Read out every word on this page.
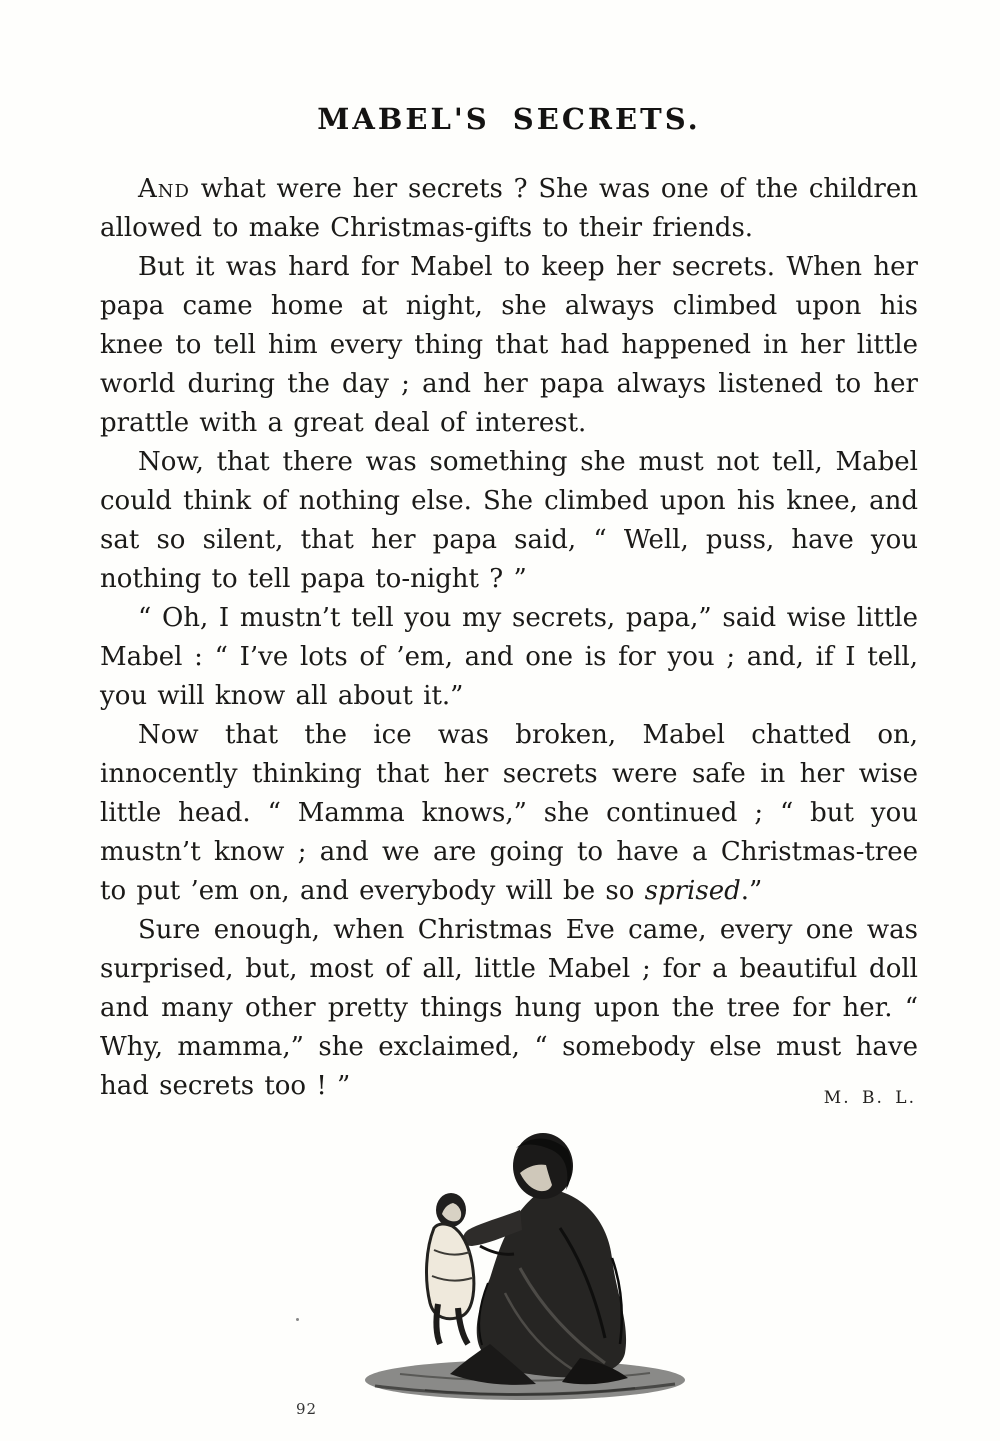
MABEL'S SECRETS.

And what were her secrets ? She was one of the children allowed to make Christmas-gifts to their friends.

But it was hard for Mabel to keep her secrets. When her papa came home at night, she always climbed upon his knee to tell him every thing that had happened in her little world during the day ; and her papa always listened to her prattle with a great deal of interest.

Now, that there was something she must not tell, Mabel could think of nothing else. She climbed upon his knee, and sat so silent, that her papa said, “ Well, puss, have you nothing to tell papa to-night ? ”

“ Oh, I mustn’t tell you my secrets, papa,” said wise little Mabel : “ I’ve lots of ’em, and one is for you ; and, if I tell, you will know all about it.”

Now that the ice was broken, Mabel chatted on, innocently thinking that her secrets were safe in her wise little head. “ Mamma knows,” she continued ; “ but you mustn’t know ; and we are going to have a Christmas-tree to put ’em on, and everybody will be so sprised.”

Sure enough, when Christmas Eve came, every one was surprised, but, most of all, little Mabel ; for a beautiful doll and many other pretty things hung upon the tree for her. “ Why, mamma,” she exclaimed, “ somebody else must have had secrets too ! ”	M. B. L.
92
